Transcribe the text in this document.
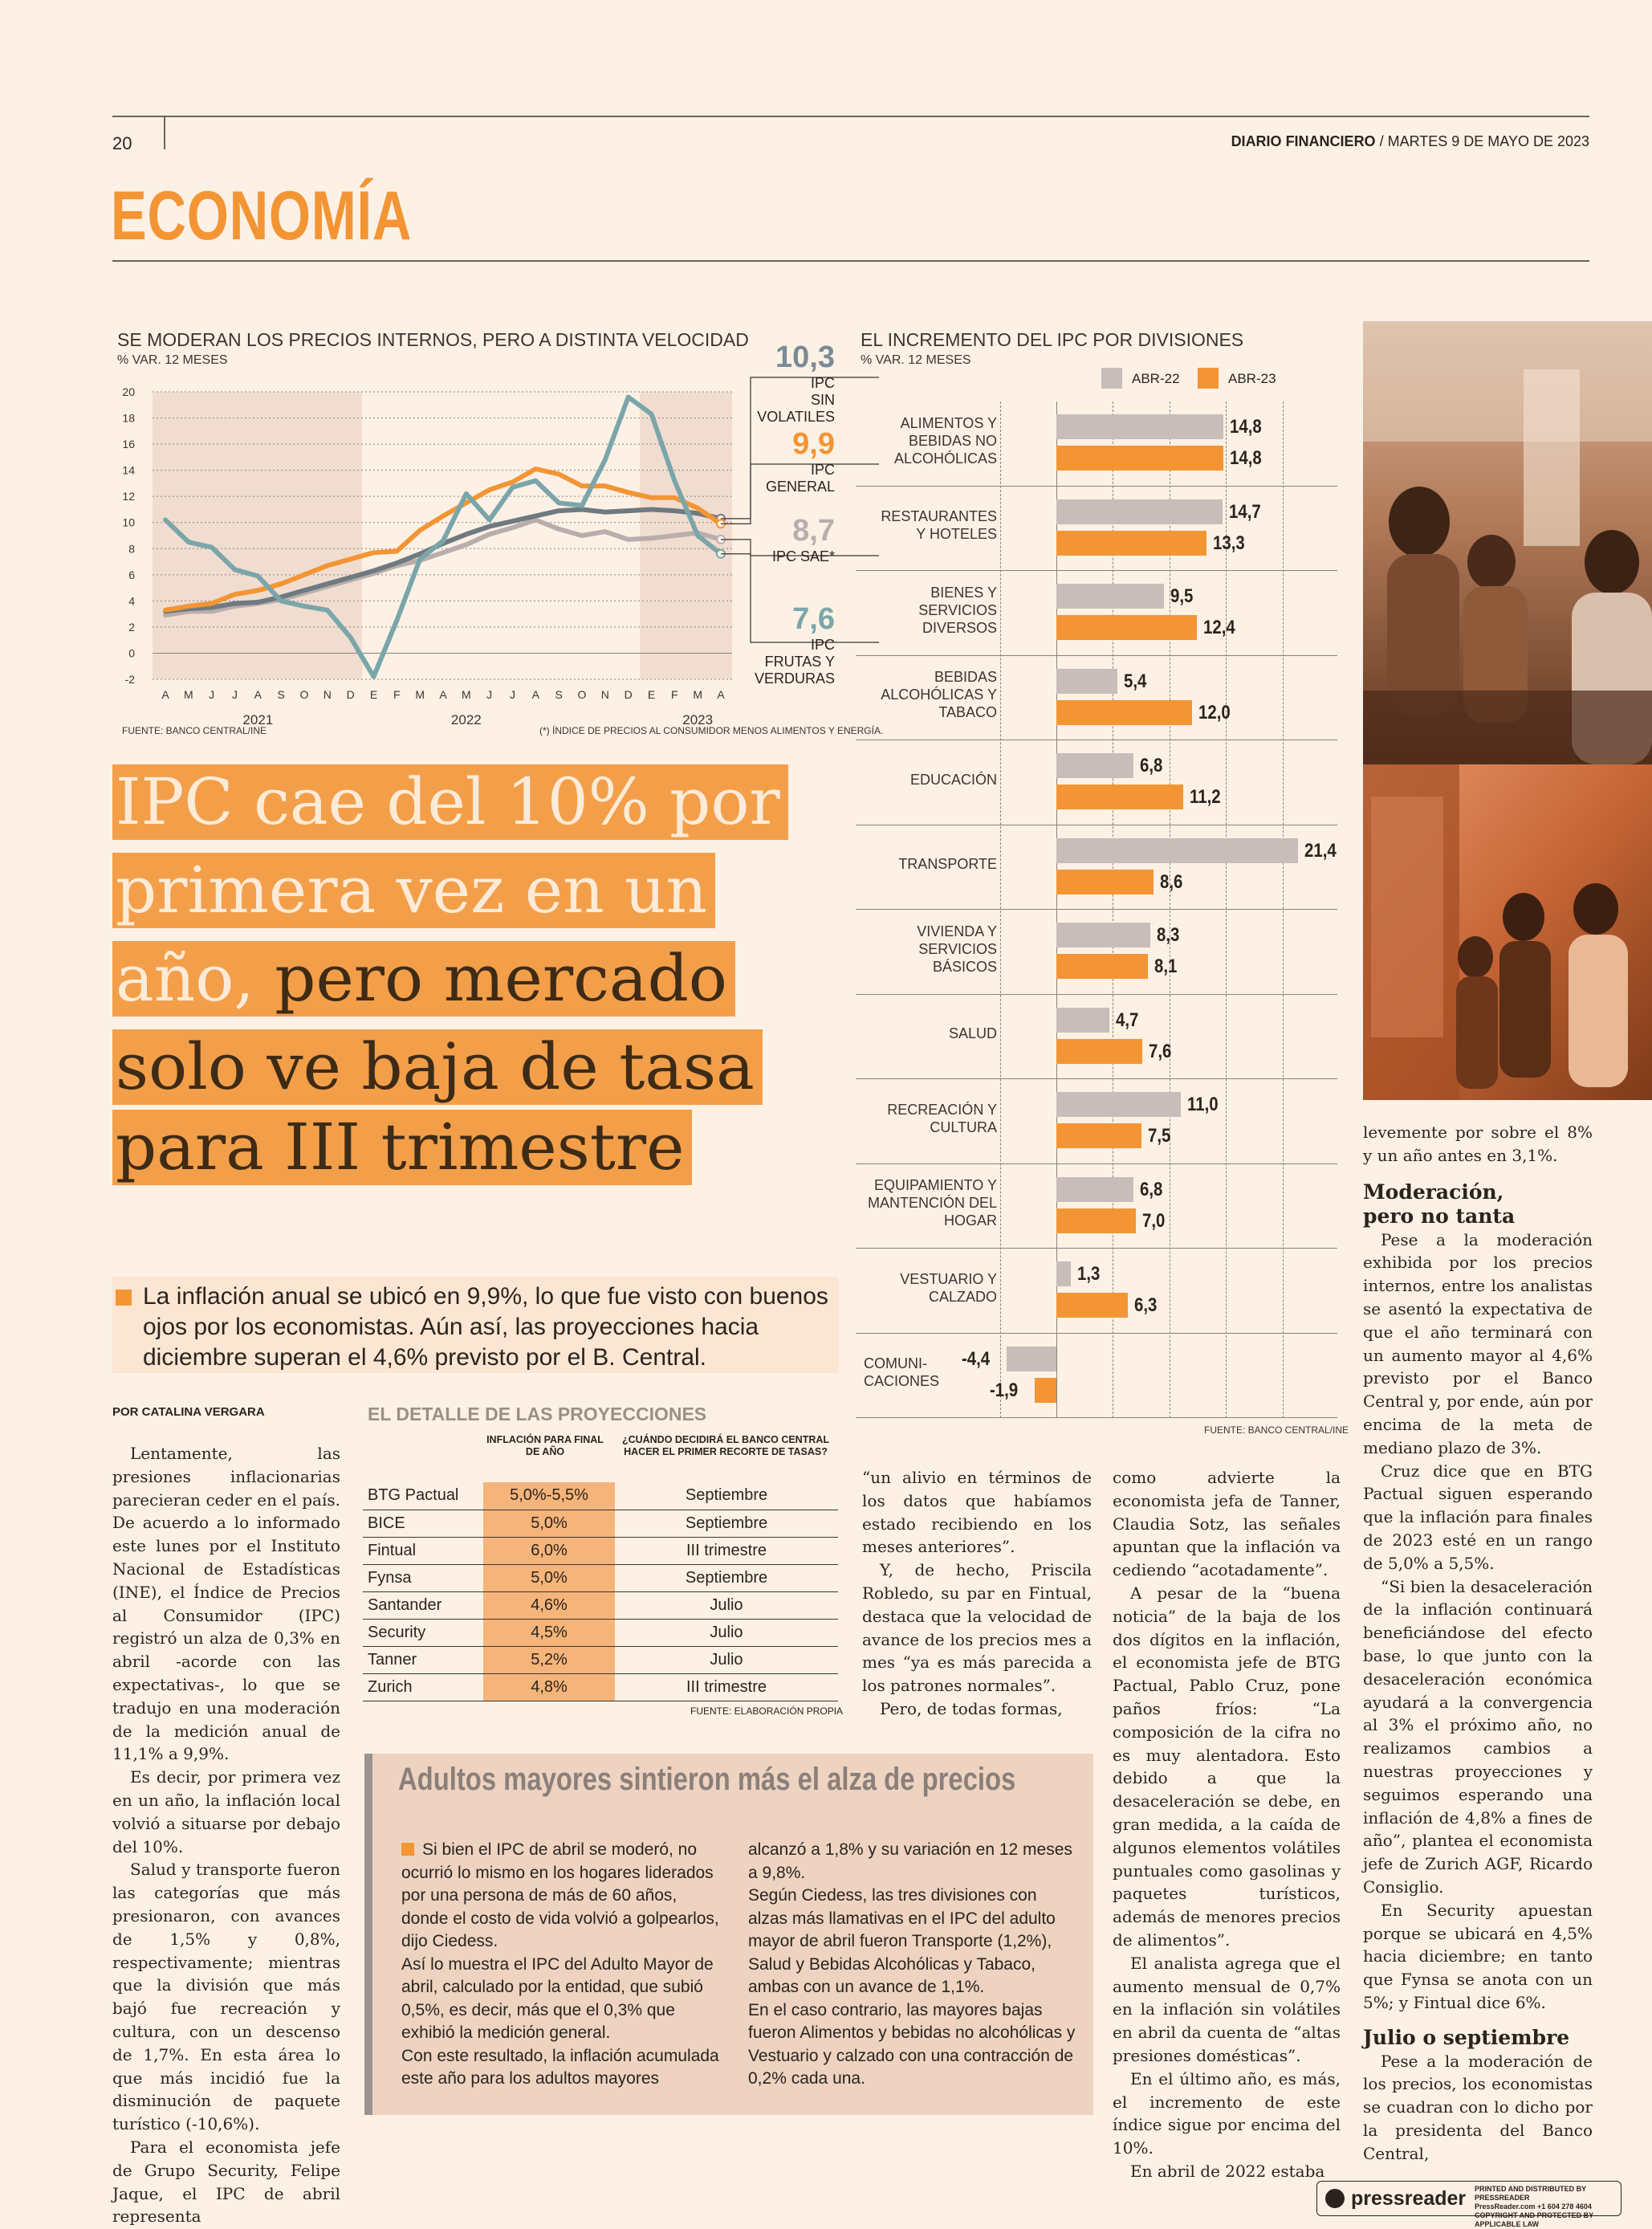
20	DIARIO FINANCIERO / MARTES 9 DE MAYO DE 2023
ECONOMÍA
SE MODERAN LOS PRECIOS INTERNOS, PERO A DISTINTA VELOCIDAD
% VAR. 12 MESES
20
18
16
14
12
10
8
6
4
2
0
-2
A M J J A S O N D E F M A M J J A S O N D E F M A
2021	2022	2023
FUENTE: BANCO CENTRAL/INE	(*) ÍNDICE DE PRECIOS AL CONSUMIDOR MENOS ALIMENTOS Y ENERGÍA.
10,3
IPC
SIN VOLATILES
9,9
IPC
GENERAL
8,7
IPC SAE*
7,6
IPC
FRUTAS Y VERDURAS
EL INCREMENTO DEL IPC POR DIVISIONES
% VAR. 12 MESES
ABR-22	ABR-23
ALIMENTOS Y
BEBIDAS NO
ALCOHÓLICAS
14,8
14,8
RESTAURANTES
Y HOTELES
14,7
13,3
BIENES Y
SERVICIOS
DIVERSOS
9,5
12,4
BEBIDAS
ALCOHÓLICAS Y
TABACO
5,4
12,0
EDUCACIÓN
6,8
11,2
TRANSPORTE
21,4
8,6
VIVIENDA Y
SERVICIOS
BÁSICOS
8,3
8,1
SALUD
4,7
7,6
RECREACIÓN Y
CULTURA
11,0
7,5
EQUIPAMIENTO Y
MANTENCIÓN DEL
HOGAR
6,8
7,0
VESTUARIO Y
CALZADO
1,3
6,3
COMUNI-
CACIONES
-4,4
-1,9
FUENTE: BANCO CENTRAL/INE
IPC cae del 10% por
primera vez en un
año, pero mercado
solo ve baja de tasa
para III trimestre
La inflación anual se ubicó en 9,9%, lo que fue visto con buenos ojos por los economistas. Aún así, las proyecciones hacia diciembre superan el 4,6% previsto por el B. Central.
POR CATALINA VERGARA

Lentamente, las presiones inflacionarias parecieran ceder en el país. De acuerdo a lo informado este lunes por el Instituto Nacional de Estadísticas (INE), el Índice de Precios al Consumidor (IPC) registró un alza de 0,3% en abril -acorde con las expectativas-, lo que se tradujo en una moderación de la medición anual de 11,1% a 9,9%.

Es decir, por primera vez en un año, la inflación local volvió a situarse por debajo del 10%.

Salud y transporte fueron las categorías que más presionaron, con avances de 1,5% y 0,8%, respectivamente; mientras que la división que más bajó fue recreación y cultura, con un descenso de 1,7%. En esta área lo que más incidió fue la disminución de paquete turístico (-10,6%).

Para el economista jefe de Grupo Security, Felipe Jaque, el IPC de abril representa

EL DETALLE DE LAS PROYECCIONES
INFLACIÓN PARA FINAL DE AÑO
¿CUÁNDO DECIDIRÁ EL BANCO CENTRAL HACER EL PRIMER RECORTE DE TASAS?
BTG Pactual	5,0%-5,5%	Septiembre
BICE	5,0%	Septiembre
Fintual	6,0%	III trimestre
Fynsa	5,0%	Septiembre
Santander	4,6%	Julio
Security	4,5%	Julio
Tanner	5,2%	Julio
Zurich	4,8%	III trimestre
FUENTE: ELABORACIÓN PROPIA

“un alivio en términos de los datos que habíamos estado recibiendo en los meses anteriores”.

Y, de hecho, Priscila Robledo, su par en Fintual, destaca que la velocidad de avance de los precios mes a mes “ya es más parecida a los patrones normales”.

Pero, de todas formas,

como advierte la economista jefa de Tanner, Claudia Sotz, las señales apuntan que la inflación va cediendo “acotadamente”.

A pesar de la “buena noticia” de la baja de los dos dígitos en la inflación, el economista jefe de BTG Pactual, Pablo Cruz, pone paños fríos: “La composición de la cifra no es muy alentadora. Esto debido a que la desaceleración se debe, en gran medida, a la caída de algunos elementos volátiles puntuales como gasolinas y paquetes turísticos, además de menores precios de alimentos”.

El analista agrega que el aumento mensual de 0,7% en la inflación sin volátiles en abril da cuenta de “altas presiones domésticas”.

En el último año, es más, el incremento de este índice sigue por encima del 10%.

En abril de 2022 estaba

levemente por sobre el 8% y un año antes en 3,1%.

Moderación, pero no tanta

Pese a la moderación exhibida por los precios internos, entre los analistas se asentó la expectativa de que el año terminará con un aumento mayor al 4,6% previsto por el Banco Central y, por ende, aún por encima de la meta de mediano plazo de 3%.

Cruz dice que en BTG Pactual siguen esperando que la inflación para finales de 2023 esté en un rango de 5,0% a 5,5%.

“Si bien la desaceleración de la inflación continuará beneficiándose del efecto base, lo que junto con la desaceleración económica ayudará a la convergencia al 3% el próximo año, no realizamos cambios a nuestras proyecciones y seguimos esperando una inflación de 4,8% a fines de año”, plantea el economista jefe de Zurich AGF, Ricardo Consiglio.

En Security apuestan porque se ubicará en 4,5% hacia diciembre; en tanto que Fynsa se anota con un 5%; y Fintual dice 6%.

Julio o septiembre

Pese a la moderación de los precios, los economistas se cuadran con lo dicho por la presidenta del Banco Central,

Adultos mayores sintieron más el alza de precios
Si bien el IPC de abril se moderó, no ocurrió lo mismo en los hogares liderados por una persona de más de 60 años, donde el costo de vida volvió a golpearlos, dijo Ciedess.
Así lo muestra el IPC del Adulto Mayor de abril, calculado por la entidad, que subió 0,5%, es decir, más que el 0,3% que exhibió la medición general.
Con este resultado, la inflación acumulada este año para los adultos mayores
alcanzó a 1,8% y su variación en 12 meses a 9,8%.
Según Ciedess, las tres divisiones con alzas más llamativas en el IPC del adulto mayor de abril fueron Transporte (1,2%), Salud y Bebidas Alcohólicas y Tabaco, ambas con un avance de 1,1%.
En el caso contrario, las mayores bajas fueron Alimentos y bebidas no alcohólicas y Vestuario y calzado con una contracción de 0,2% cada una.
pressreader PRINTED AND DISTRIBUTED BY PRESSREADER
PressReader.com +1 604 278 4604
COPYRIGHT AND PROTECTED BY APPLICABLE LAW
